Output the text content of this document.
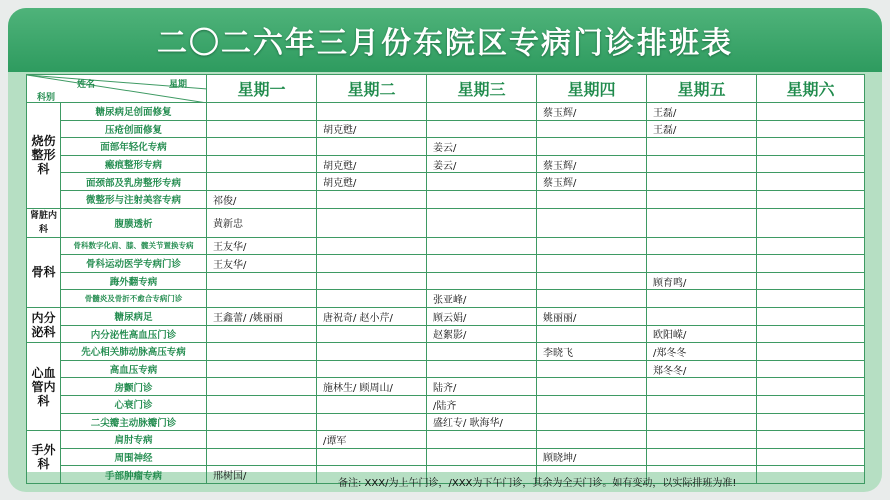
二〇二六年三月份东院区专病门诊排班表
姓名 星期
科别		星期一	星期二	星期三	星期四	星期五	星期六
烧伤整形科	糖尿病足创面修复				蔡玉辉/	王磊/	
	压疮创面修复		胡克甦/			王磊/	
	面部年轻化专病			姜云/			
	瘢痕整形专病		胡克甦/	姜云/	蔡玉辉/		
	面颈部及乳房整形专病		胡克甦/		蔡玉辉/		
	微整形与注射美容专病	祁俊/					
肾脏内科	腹膜透析	黄新忠					
骨科	骨科数字化肩、膝、髋关节置换专病	王友华/					
	骨科运动医学专病门诊	王友华/					
	踇外翻专病					顾育鸣/	
	骨髓炎及骨折不愈合专病门诊			张亚峰/			
内分泌科	糖尿病足	王鑫蕾/ /姚丽丽	唐祝奇/ 赵小芹/	顾云娟/	姚丽丽/		
	内分泌性高血压门诊			赵絮影/		欧阳嵘/	
心血管内科	先心相关肺动脉高压专病				李晓飞	/郑冬冬	
	高血压专病					郑冬冬/	
	房颤门诊		施林生/ 顾周山/	陆齐/			
	心衰门诊			/陆齐			
	二尖瓣主动脉瓣门诊			盛红专/ 耿海华/			
手外科	肩肘专病		/谭军				
	周围神经				顾晓坤/		
	手部肿瘤专病	邢树国/					
备注: XXX/为上午门诊，/XXX为下午门诊，其余为全天门诊。如有变动，以实际排班为准!
